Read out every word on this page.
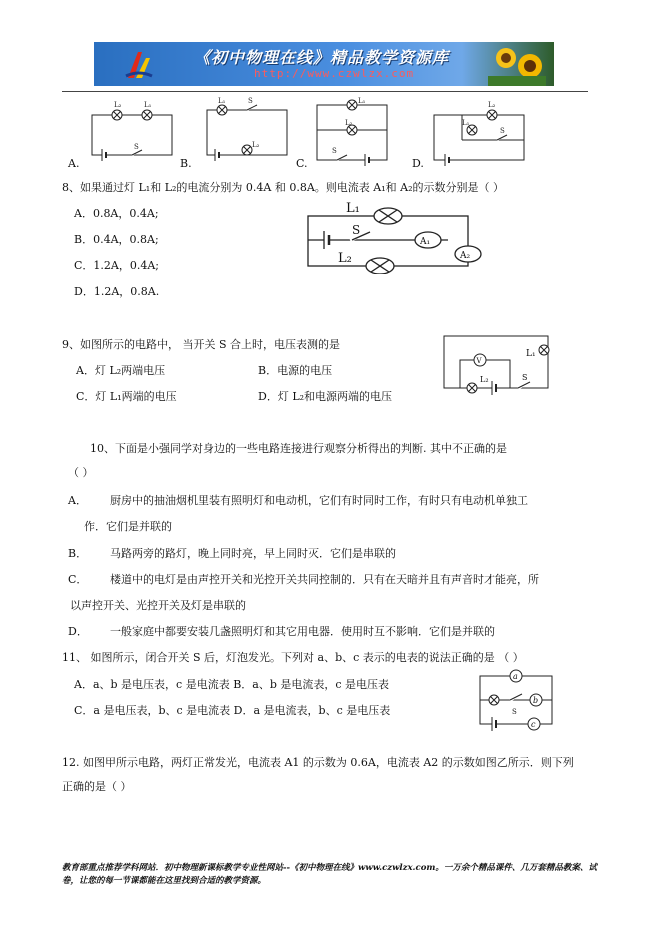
《初中物理在线》精品教学资源库
http://www.czwlzx.com
L₂	L₁
S
L₁	S
L₂
L₁
L₂
S
L₂
L₁
S
A.	B.	C.	D.
8、如果通过灯 L₁和 L₂的电流分别为 0.4A 和 0.8A。则电流表 A₁和 A₂的示数分别是（ ）
A．0.8A，0.4A;
B．0.4A，0.8A;
C．1.2A，0.4A;
D．1.2A，0.8A.
L₁
S
A₁
L₂	A₂
9、如图所示的电路中， 当开关 S 合上时，电压表测的是
A．灯 L₂两端电压	B．电源的电压
C．灯 L₁两端的电压	D．灯 L₂和电源两端的电压
V
L₁
L₂	S
10、下面是小强同学对身边的一些电路连接进行观察分析得出的判断. 其中不正确的是
（ ）
A． 厨房中的抽油烟机里装有照明灯和电动机，它们有时同时工作，有时只有电动机单独工
作．它们是并联的
B． 马路两旁的路灯，晚上同时亮，早上同时灭．它们是串联的
C． 楼道中的电灯是由声控开关和光控开关共同控制的．只有在天暗并且有声音时才能亮，所
以声控开关、光控开关及灯是串联的
D． 一般家庭中都要安装几盏照明灯和其它用电器．使用时互不影响．它们是并联的
11、 如图所示，闭合开关 S 后，灯泡发光。下列对 a、b、c 表示的电表的说法正确的是 （ ）
A．a、b 是电压表，c 是电流表 B．a、b 是电流表，c 是电压表
C．a 是电压表，b、c 是电流表 D．a 是电流表，b、c 是电压表
a
b
S
c
12. 如图甲所示电路，两灯正常发光，电流表 A1 的示数为 0.6A，电流表 A2 的示数如图乙所示．则下列
正确的是（ ）
教育部重点推荐学科网站．初中物理新课标教学专业性网站--《初中物理在线》www.czwlzx.com。一万余个精品课件、几万套精品教案、试卷，让您的每一节课都能在这里找到合适的教学资源。
